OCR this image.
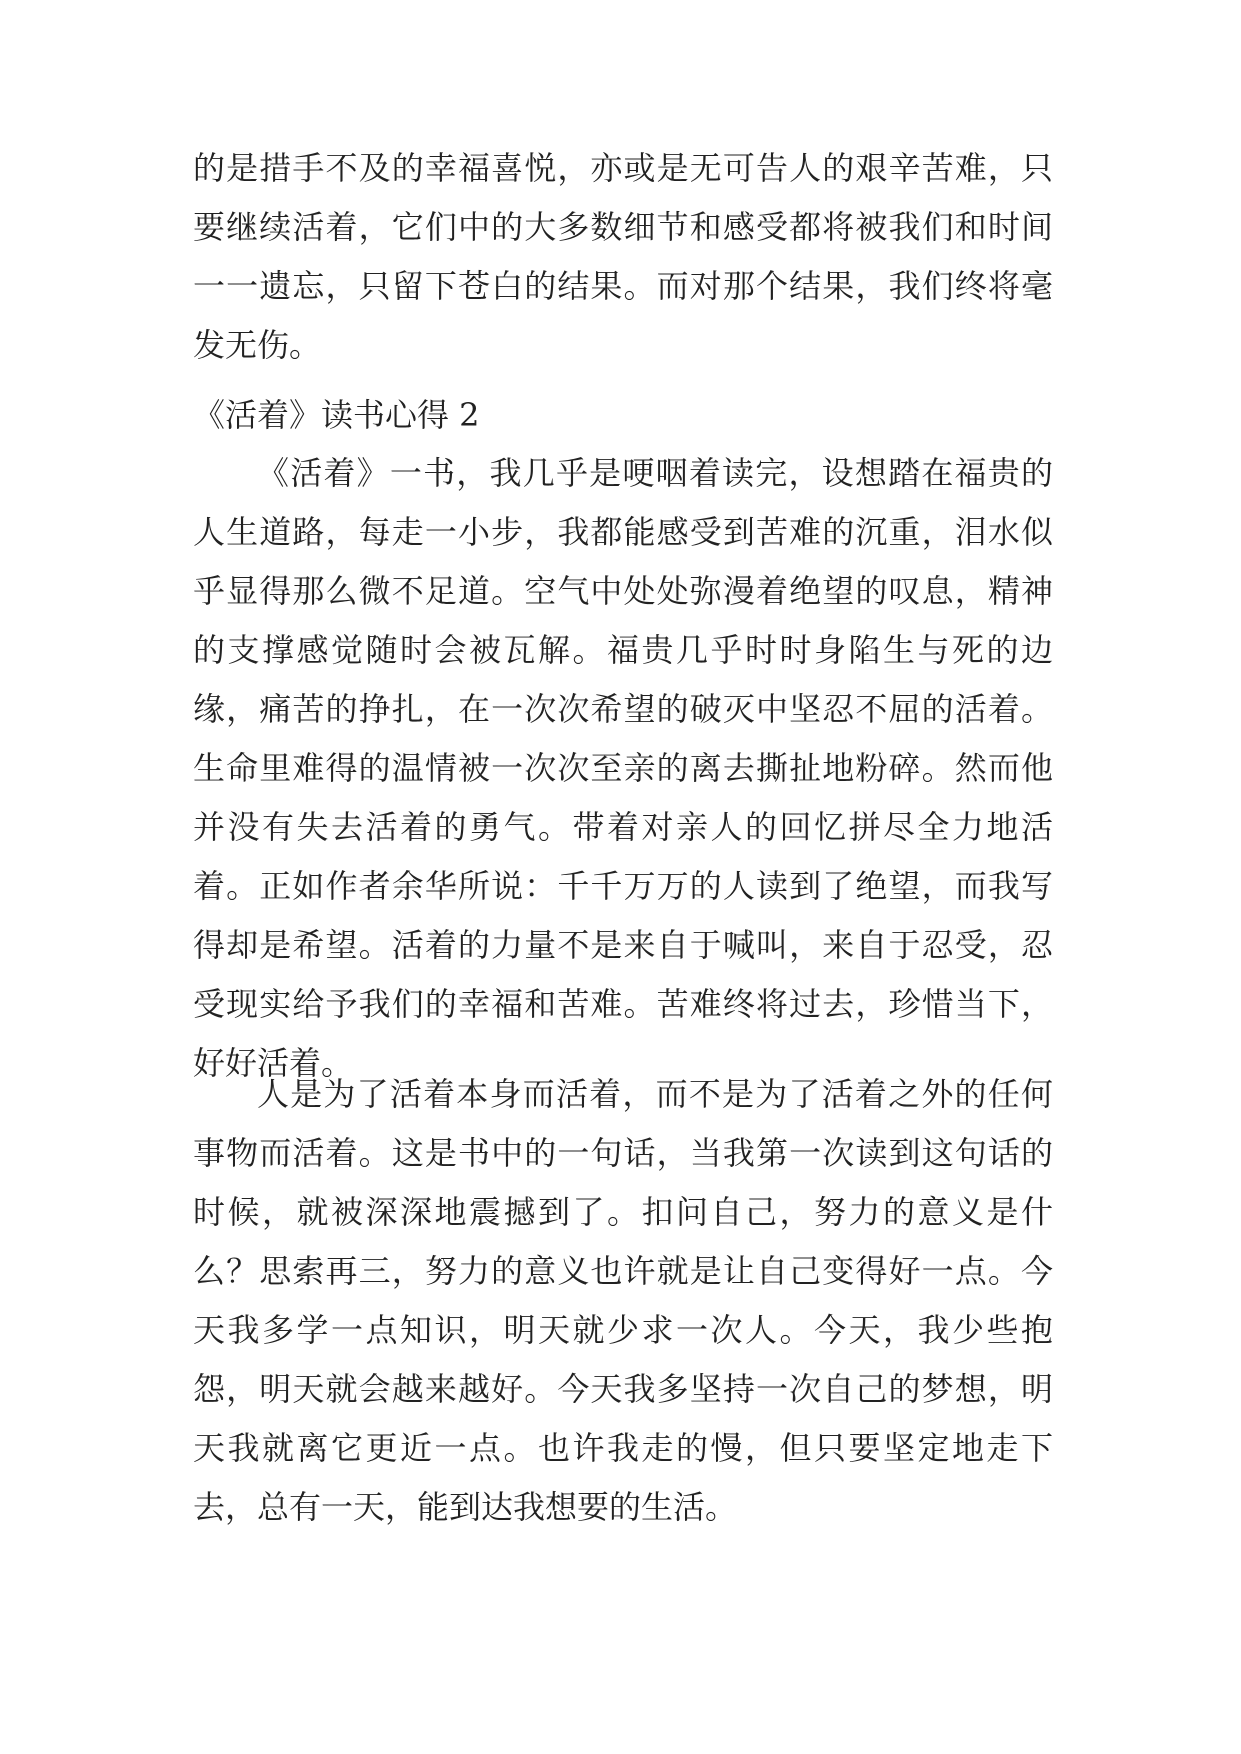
的是措手不及的幸福喜悦，亦或是无可告人的艰辛苦难，只要继续活着，它们中的大多数细节和感受都将被我们和时间一一遗忘，只留下苍白的结果。而对那个结果，我们终将毫发无伤。

《活着》读书心得 2

《活着》一书，我几乎是哽咽着读完，设想踏在福贵的人生道路，每走一小步，我都能感受到苦难的沉重，泪水似乎显得那么微不足道。空气中处处弥漫着绝望的叹息，精神的支撑感觉随时会被瓦解。福贵几乎时时身陷生与死的边缘，痛苦的挣扎，在一次次希望的破灭中坚忍不屈的活着。生命里难得的温情被一次次至亲的离去撕扯地粉碎。然而他并没有失去活着的勇气。带着对亲人的回忆拼尽全力地活着。正如作者余华所说：千千万万的人读到了绝望，而我写得却是希望。活着的力量不是来自于喊叫，来自于忍受，忍受现实给予我们的幸福和苦难。苦难终将过去，珍惜当下，好好活着。

人是为了活着本身而活着，而不是为了活着之外的任何事物而活着。这是书中的一句话，当我第一次读到这句话的时候，就被深深地震撼到了。扣问自己，努力的意义是什么？思索再三，努力的意义也许就是让自己变得好一点。今天我多学一点知识，明天就少求一次人。今天，我少些抱怨，明天就会越来越好。今天我多坚持一次自己的梦想，明天我就离它更近一点。也许我走的慢，但只要坚定地走下去，总有一天，能到达我想要的生活。
